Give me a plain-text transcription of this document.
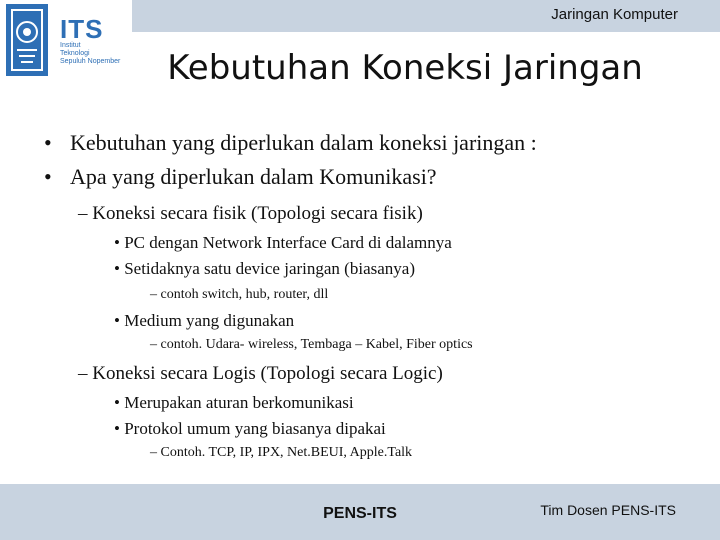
Jaringan Komputer
ITS
Institut
Teknologi
Sepuluh Nopember	Kebutuhan Koneksi Jaringan
• Kebutuhan yang diperlukan dalam koneksi jaringan :
• Apa yang diperlukan dalam Komunikasi?
– Koneksi secara fisik (Topologi secara fisik)
• PC dengan Network Interface Card di dalamnya
• Setidaknya satu device jaringan (biasanya)
– contoh switch, hub, router, dll
• Medium yang digunakan
– contoh. Udara- wireless, Tembaga – Kabel, Fiber optics
– Koneksi secara Logis (Topologi secara Logic)
• Merupakan aturan berkomunikasi
• Protokol umum yang biasanya dipakai
– Contoh. TCP, IP, IPX, Net.BEUI, Apple.Talk
PENS-ITS	Tim Dosen PENS-ITS
